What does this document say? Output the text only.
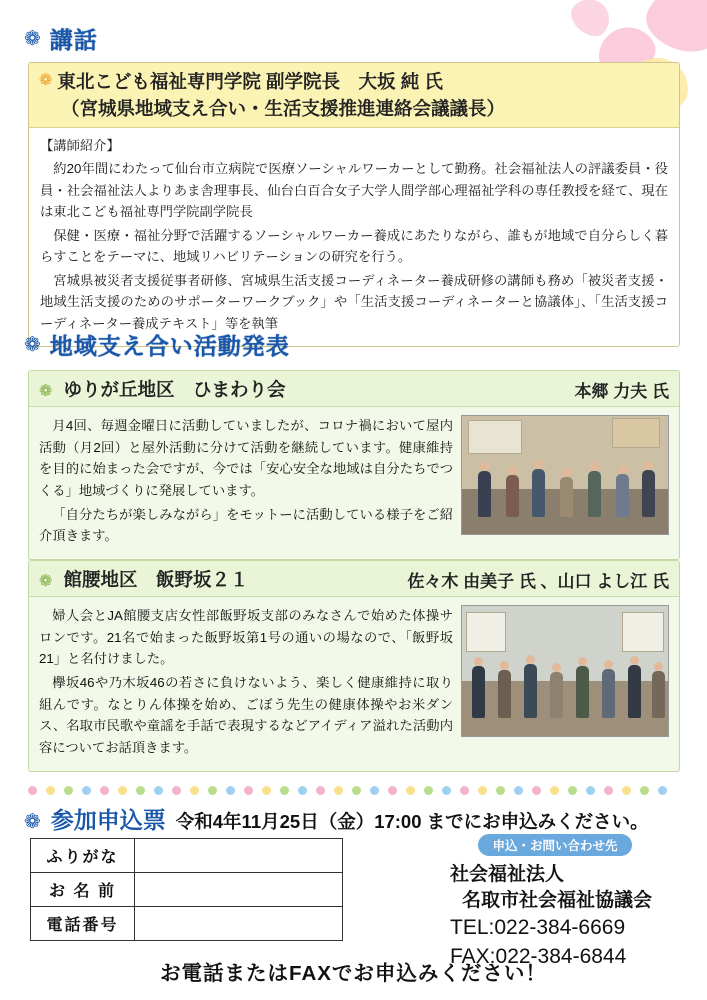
❁ 講話
❁ 東北こども福祉専門学院 副学院長　大坂 純 氏
（宮城県地域支え合い・生活支援推進連絡会議議長）

【講師紹介】

約20年間にわたって仙台市立病院で医療ソーシャルワーカーとして勤務。社会福祉法人の評議委員・役員・社会福祉法人よりあま舎理事長、仙台白百合女子大学人間学部心理福祉学科の専任教授を経て、現在は東北こども福祉専門学院副学院長

保健・医療・福祉分野で活躍するソーシャルワーカー養成にあたりながら、誰もが地域で自分らしく暮らすことをテーマに、地域リハビリテーションの研究を行う。

宮城県被災者支援従事者研修、宮城県生活支援コーディネーター養成研修の講師も務め「被災者支援・地域生活支援のためのサポーターワークブック」や「生活支援コーディネーターと協議体」、「生活支援コーディネーター養成テキスト」等を執筆

❁ 地域支え合い活動発表
❁ ゆりが丘地区　ひまわり会	本郷 力夫 氏

月4回、毎週金曜日に活動していましたが、コロナ禍において屋内活動（月2回）と屋外活動に分けて活動を継続しています。健康維持を目的に始まった会ですが、今では「安心安全な地域は自分たちでつくる」地域づくりに発展しています。

「自分たちが楽しみながら」をモットーに活動している様子をご紹介頂きます。

❁ 館腰地区　飯野坂２１	佐々木 由美子 氏 、山口 よし江 氏

婦人会とJA館腰支店女性部飯野坂支部のみなさんで始めた体操サロンです。21名で始まった飯野坂第1号の通いの場なので、「飯野坂21」と名付けました。

欅坂46や乃木坂46の若さに負けないよう、楽しく健康維持に取り組んです。なとりん体操を始め、ごぼう先生の健康体操やお米ダンス、名取市民歌や童謡を手話で表現するなどアイディア溢れた活動内容についてお話頂きます。

❁ 参加申込票 令和4年11月25日（金）17:00 までにお申込みください。
ふりがな	
お 名 前	
電話番号	
申込・お問い合わせ先
社会福祉法人
名取市社会福祉協議会
TEL:022-384-6669
FAX:022-384-6844
お電話またはFAXでお申込みください！
